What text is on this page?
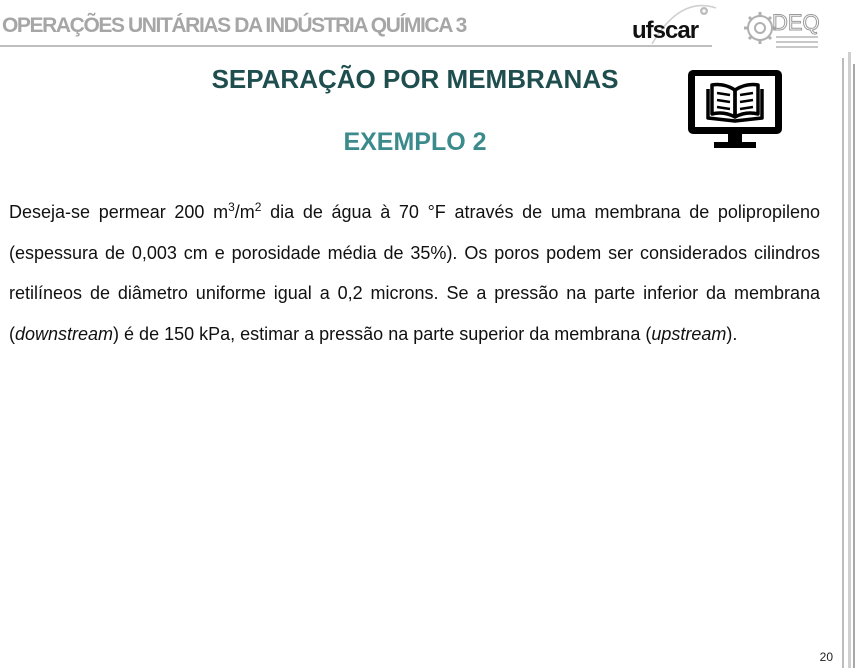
OPERAÇÕES UNITÁRIAS DA INDÚSTRIA QUÍMICA 3	ufscar	DEQ
SEPARAÇÃO POR MEMBRANAS
EXEMPLO 2
Deseja-se permear 200 $m^3/m^2$ dia de água à 70 °F através de uma membrana de polipropileno (espessura de 0,003 cm e porosidade média de 35%). Os poros podem ser considerados cilindros retilíneos de diâmetro uniforme igual a 0,2 microns. Se a pressão na parte inferior da membrana (downstream) é de 150 kPa, estimar a pressão na parte superior da membrana (upstream).
20
